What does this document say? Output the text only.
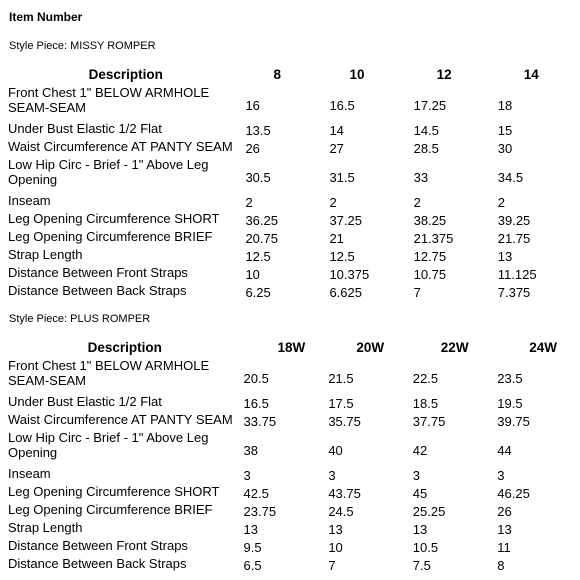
Item Number
Style Piece: MISSY ROMPER
Description	8	10	12	14
Front Chest 1" BELOW ARMHOLE SEAM-SEAM	16	16.5	17.25	18
Under Bust Elastic 1/2 Flat	13.5	14	14.5	15
Waist Circumference AT PANTY SEAM	26	27	28.5	30
Low Hip Circ - Brief - 1" Above Leg Opening	30.5	31.5	33	34.5
Inseam	2	2	2	2
Leg Opening Circumference SHORT	36.25	37.25	38.25	39.25
Leg Opening Circumference BRIEF	20.75	21	21.375	21.75
Strap Length	12.5	12.5	12.75	13
Distance Between Front Straps	10	10.375	10.75	11.125
Distance Between Back Straps	6.25	6.625	7	7.375
Style Piece: PLUS ROMPER
Description	18W	20W	22W	24W
Front Chest 1" BELOW ARMHOLE SEAM-SEAM	20.5	21.5	22.5	23.5
Under Bust Elastic 1/2 Flat	16.5	17.5	18.5	19.5
Waist Circumference AT PANTY SEAM	33.75	35.75	37.75	39.75
Low Hip Circ - Brief - 1" Above Leg Opening	38	40	42	44
Inseam	3	3	3	3
Leg Opening Circumference SHORT	42.5	43.75	45	46.25
Leg Opening Circumference BRIEF	23.75	24.5	25.25	26
Strap Length	13	13	13	13
Distance Between Front Straps	9.5	10	10.5	11
Distance Between Back Straps	6.5	7	7.5	8
